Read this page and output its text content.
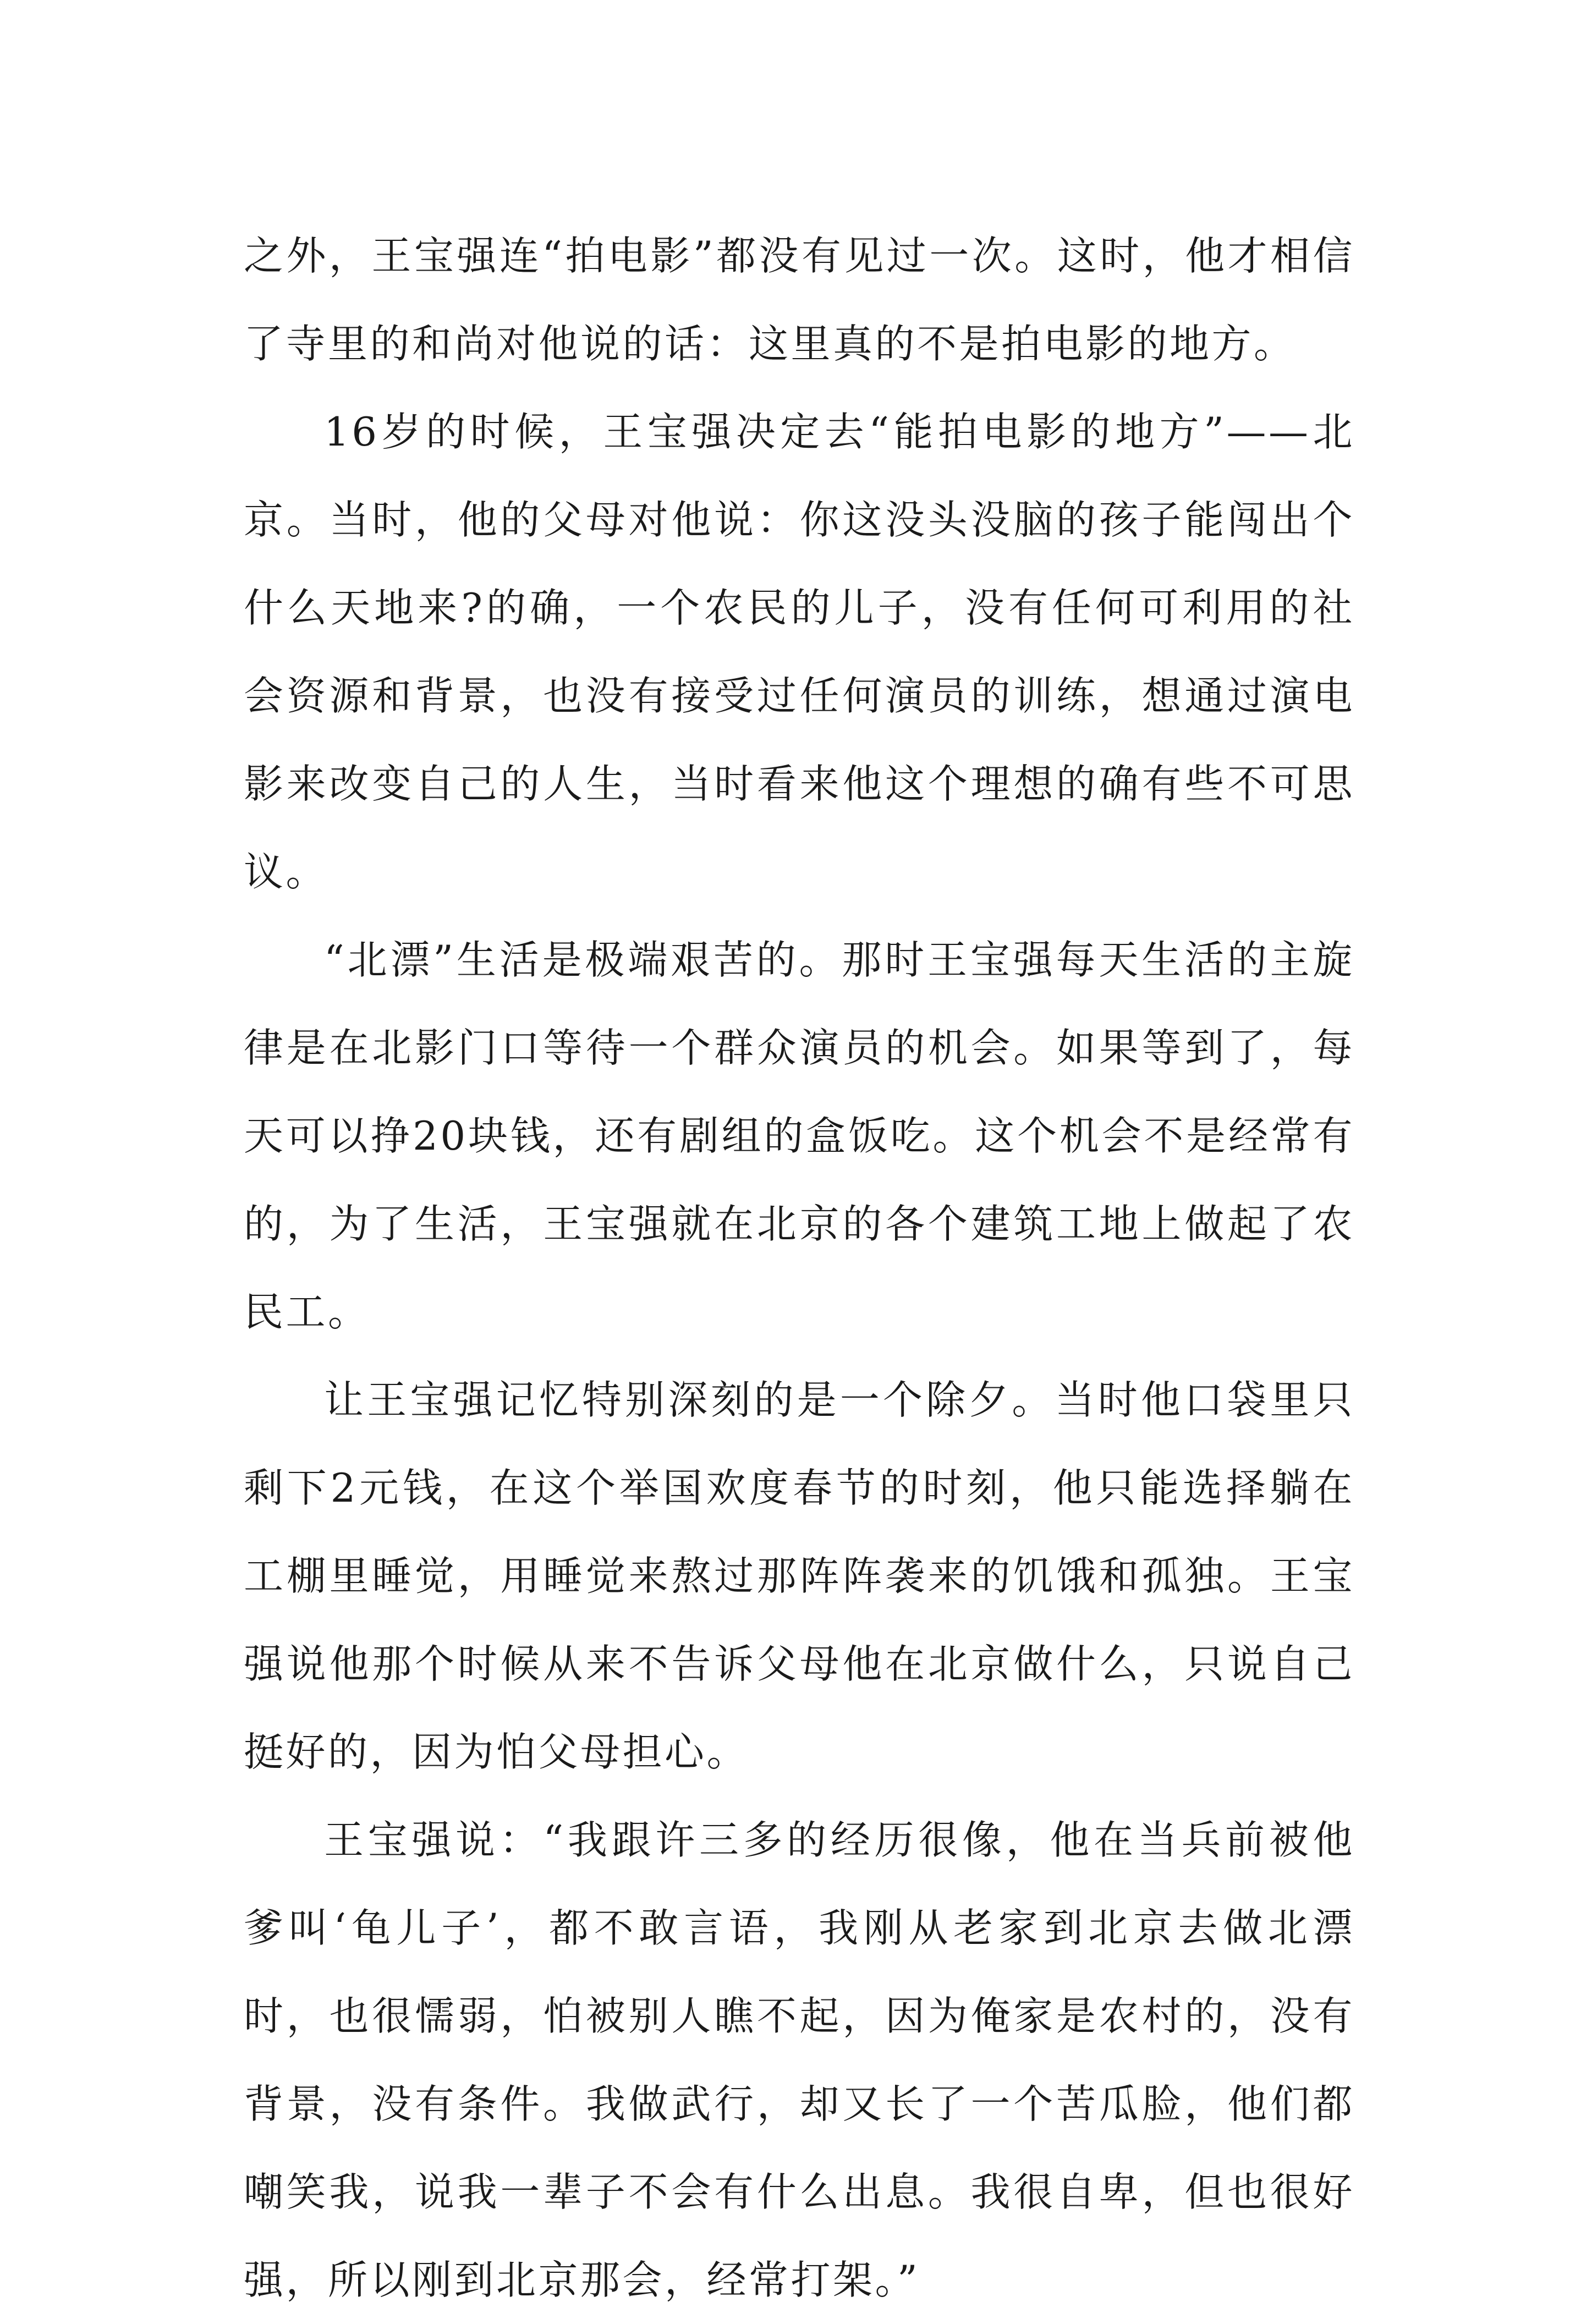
之外，王宝强连“拍电影”都没有见过一次。这时，他才相信了寺里的和尚对他说的话：这里真的不是拍电影的地方。

16岁的时候，王宝强决定去“能拍电影的地方”——北京。当时，他的父母对他说：你这没头没脑的孩子能闯出个什么天地来?的确，一个农民的儿子，没有任何可利用的社会资源和背景，也没有接受过任何演员的训练，想通过演电影来改变自己的人生，当时看来他这个理想的确有些不可思议。

“北漂”生活是极端艰苦的。那时王宝强每天生活的主旋律是在北影门口等待一个群众演员的机会。如果等到了，每天可以挣20块钱，还有剧组的盒饭吃。这个机会不是经常有的，为了生活，王宝强就在北京的各个建筑工地上做起了农民工。

让王宝强记忆特别深刻的是一个除夕。当时他口袋里只剩下2元钱，在这个举国欢度春节的时刻，他只能选择躺在工棚里睡觉，用睡觉来熬过那阵阵袭来的饥饿和孤独。王宝强说他那个时候从来不告诉父母他在北京做什么，只说自己挺好的，因为怕父母担心。

王宝强说：“我跟许三多的经历很像，他在当兵前被他爹叫‘龟儿子’，都不敢言语，我刚从老家到北京去做北漂时，也很懦弱，怕被别人瞧不起，因为俺家是农村的，没有背景，没有条件。我做武行，却又长了一个苦瓜脸，他们都嘲笑我，说我一辈子不会有什么出息。我很自卑，但也很好强，所以刚到北京那会，经常打架。”
